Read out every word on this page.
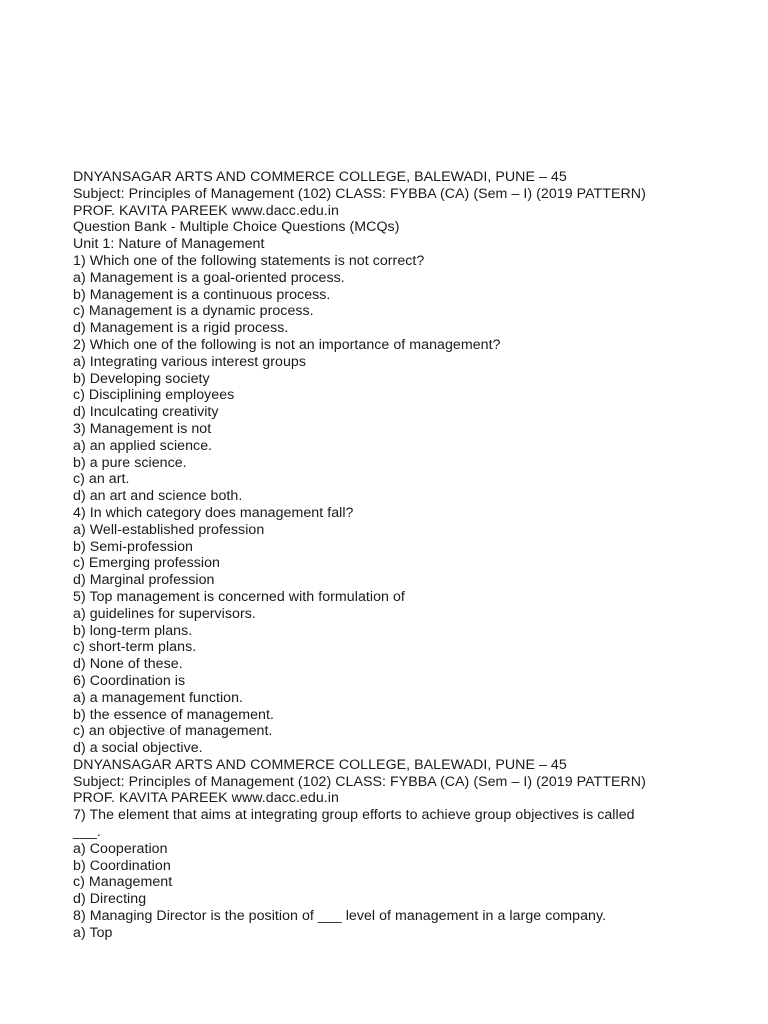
DNYANSAGAR ARTS AND COMMERCE COLLEGE, BALEWADI, PUNE – 45
Subject: Principles of Management (102) CLASS: FYBBA (CA) (Sem – I) (2019 PATTERN)
PROF. KAVITA PAREEK www.dacc.edu.in
Question Bank - Multiple Choice Questions (MCQs)
Unit 1: Nature of Management
1) Which one of the following statements is not correct?
a) Management is a goal-oriented process.
b) Management is a continuous process.
c) Management is a dynamic process.
d) Management is a rigid process.
2) Which one of the following is not an importance of management?
a) Integrating various interest groups
b) Developing society
c) Disciplining employees
d) Inculcating creativity
3) Management is not
a) an applied science.
b) a pure science.
c) an art.
d) an art and science both.
4) In which category does management fall?
a) Well-established profession
b) Semi-profession
c) Emerging profession
d) Marginal profession
5) Top management is concerned with formulation of
a) guidelines for supervisors.
b) long-term plans.
c) short-term plans.
d) None of these.
6) Coordination is
a) a management function.
b) the essence of management.
c) an objective of management.
d) a social objective.
DNYANSAGAR ARTS AND COMMERCE COLLEGE, BALEWADI, PUNE – 45
Subject: Principles of Management (102) CLASS: FYBBA (CA) (Sem – I) (2019 PATTERN)
PROF. KAVITA PAREEK www.dacc.edu.in
7) The element that aims at integrating group efforts to achieve group objectives is called
___.
a) Cooperation
b) Coordination
c) Management
d) Directing
8) Managing Director is the position of ___ level of management in a large company.
a) Top
